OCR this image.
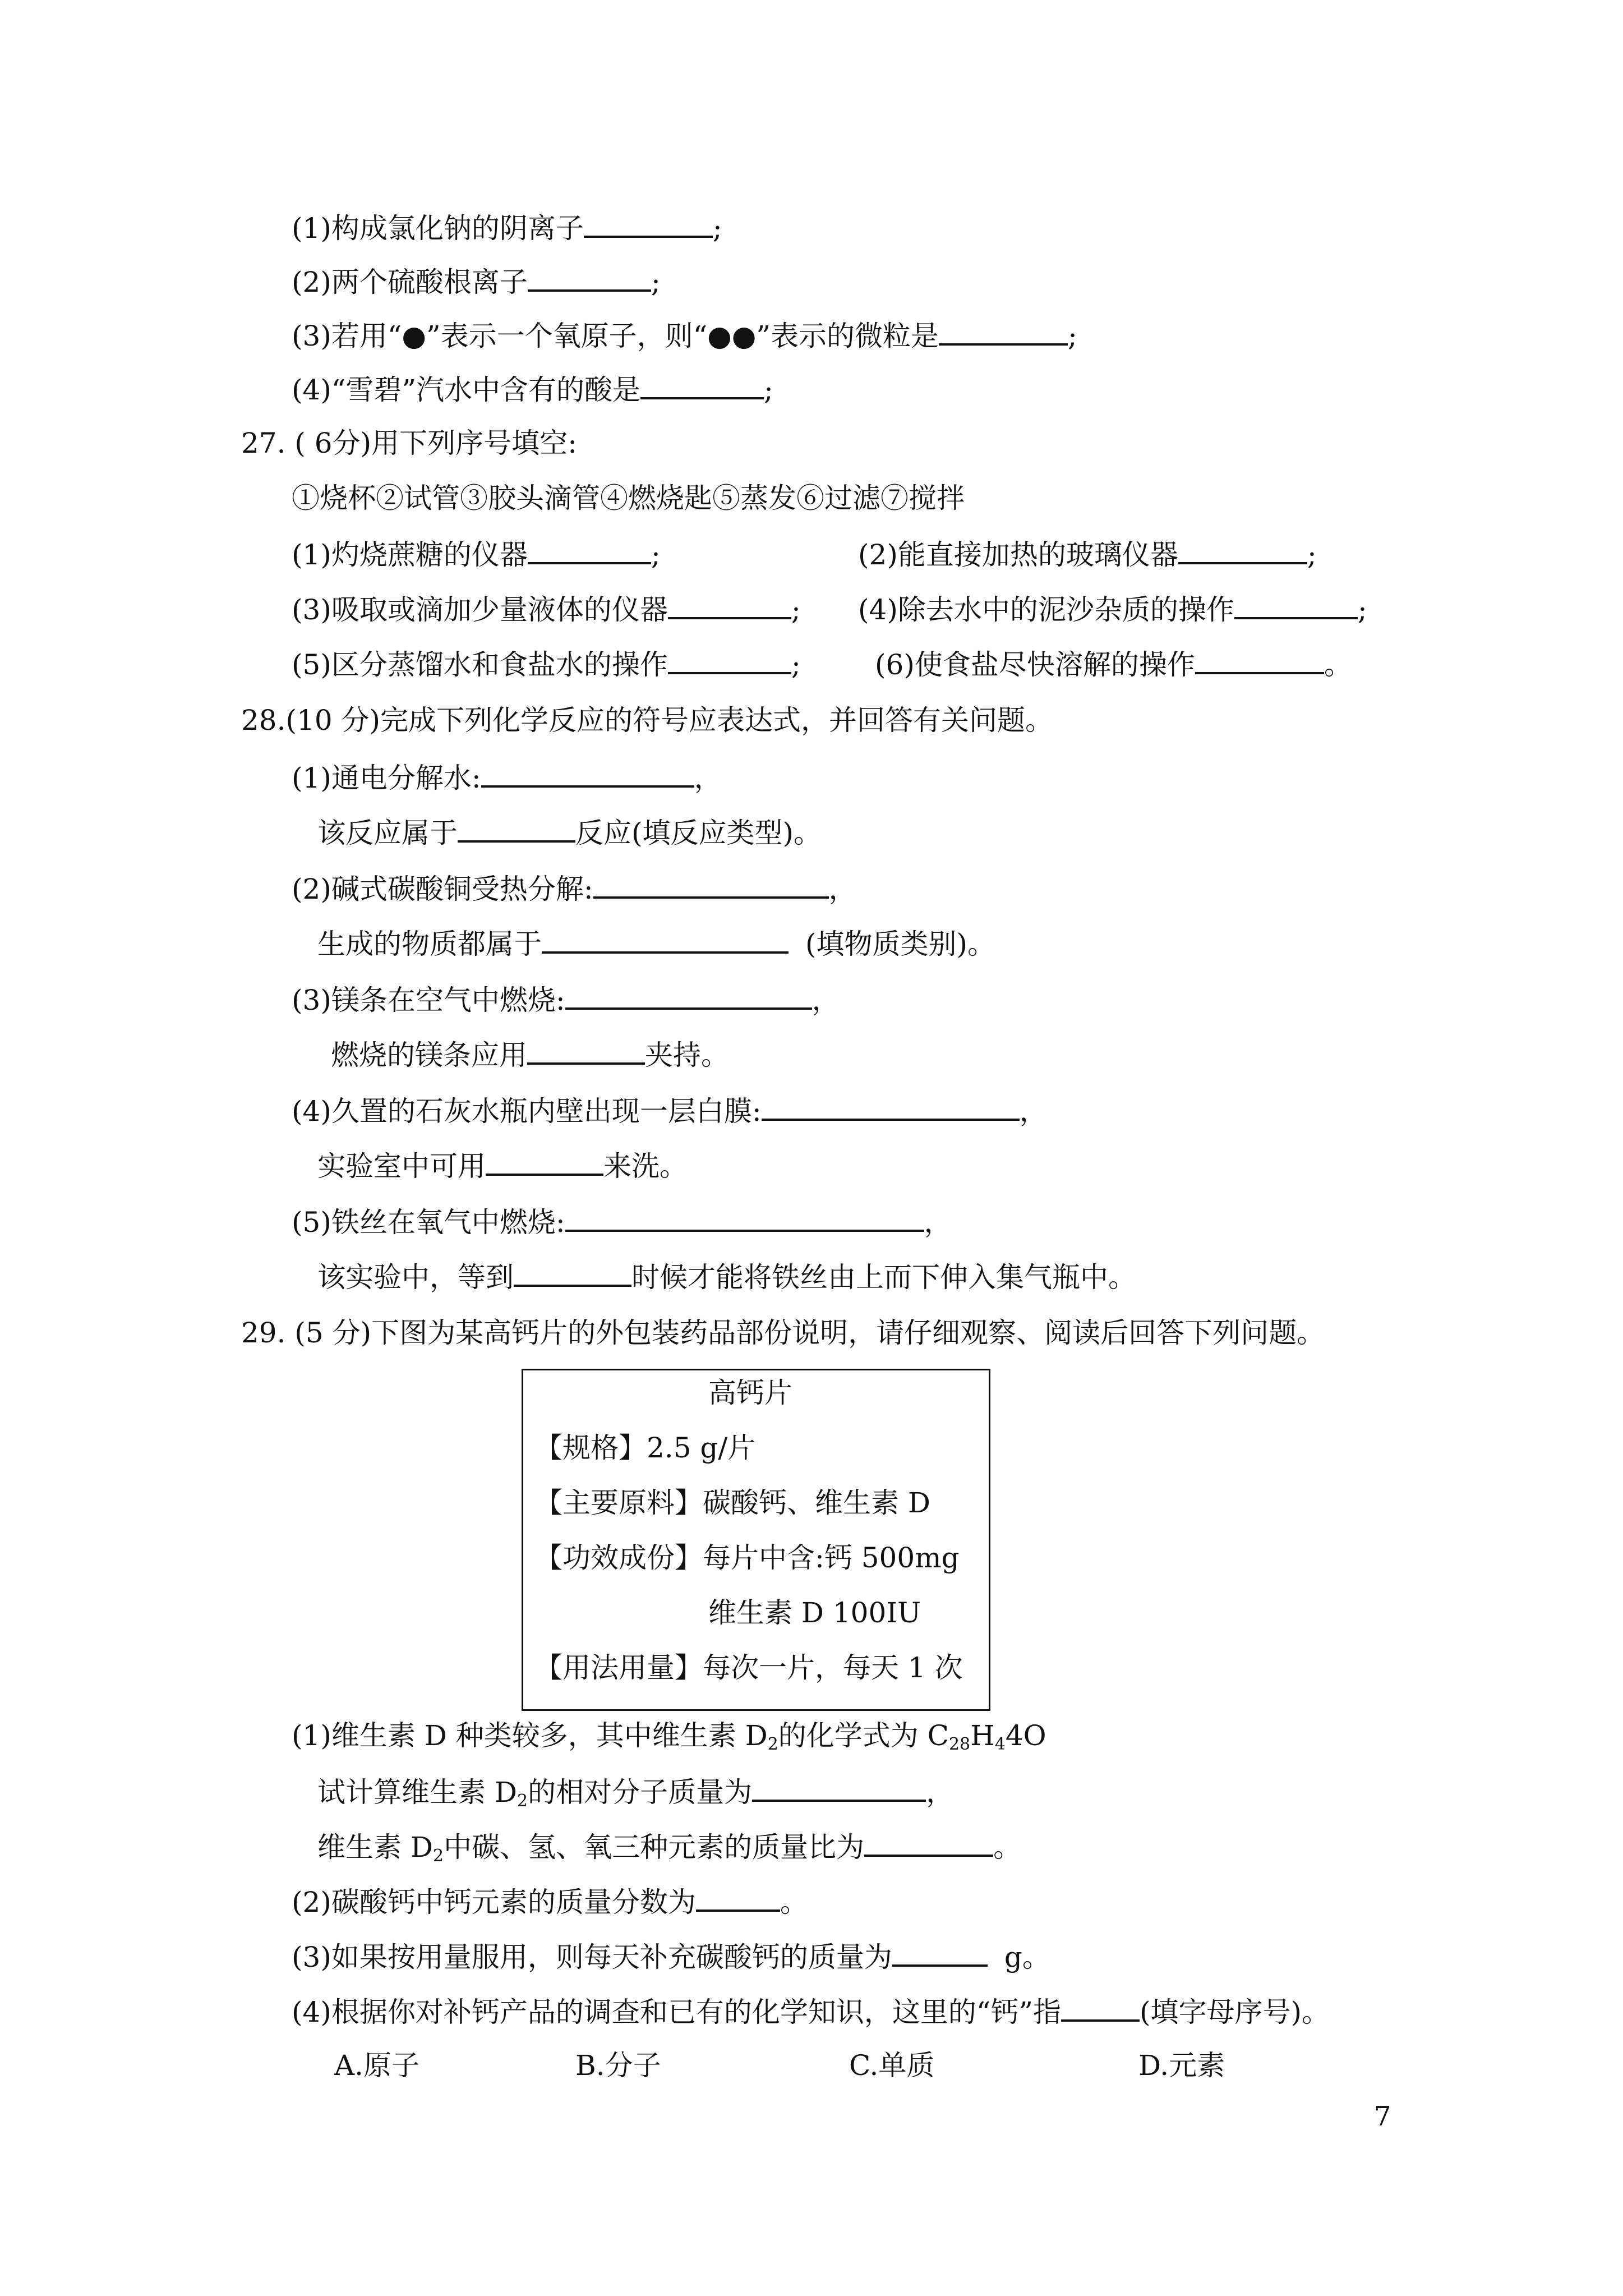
(1)构成氯化钠的阴离子	;
(2)两个硫酸根离子	;
(3)若用“●”表示一个氧原子，则“●●”表示的微粒是	;
(4)“雪碧”汽水中含有的酸是	;
27. ( 6分)用下列序号填空:
①烧杯②试管③胶头滴管④燃烧匙⑤蒸发⑥过滤⑦搅拌
(1)灼烧蔗糖的仪器	;	(2)能直接加热的玻璃仪器	;
(3)吸取或滴加少量液体的仪器	; (4)除去水中的泥沙杂质的操作	;
(5)区分蒸馏水和食盐水的操作	;	(6)使食盐尽快溶解的操作	。
28.(10 分)完成下列化学反应的符号应表达式，并回答有关问题。
(1)通电分解水:	，
该反应属于	反应(填反应类型)。
(2)碱式碳酸铜受热分解:	，
生成的物质都属于	(填物质类别)。
(3)镁条在空气中燃烧:	，
燃烧的镁条应用	夹持。
(4)久置的石灰水瓶内壁出现一层白膜:	，
实验室中可用	来洗。
(5)铁丝在氧气中燃烧:	，
该实验中，等到	时候才能将铁丝由上而下伸入集气瓶中。
29. (5 分)下图为某高钙片的外包装药品部份说明，请仔细观察、阅读后回答下列问题。
高钙片
【规格】2.5 g/片
【主要原料】碳酸钙、维生素 D
【功效成份】每片中含:钙 500mg
维生素 D 100IU
【用法用量】每次一片，每天 1 次
(1)维生素 D 种类较多，其中维生素 $D_2$的化学式为 $C_{28}H_44O$
试计算维生素 $D_2$的相对分子质量为	，
维生素 $D_2$中碳、氢、氧三种元素的质量比为	。
(2)碳酸钙中钙元素的质量分数为	。
(3)如果按用量服用，则每天补充碳酸钙的质量为	g。
(4)根据你对补钙产品的调查和已有的化学知识，这里的“钙”指	(填字母序号)。
A.原子	B.分子	C.单质	D.元素
7
